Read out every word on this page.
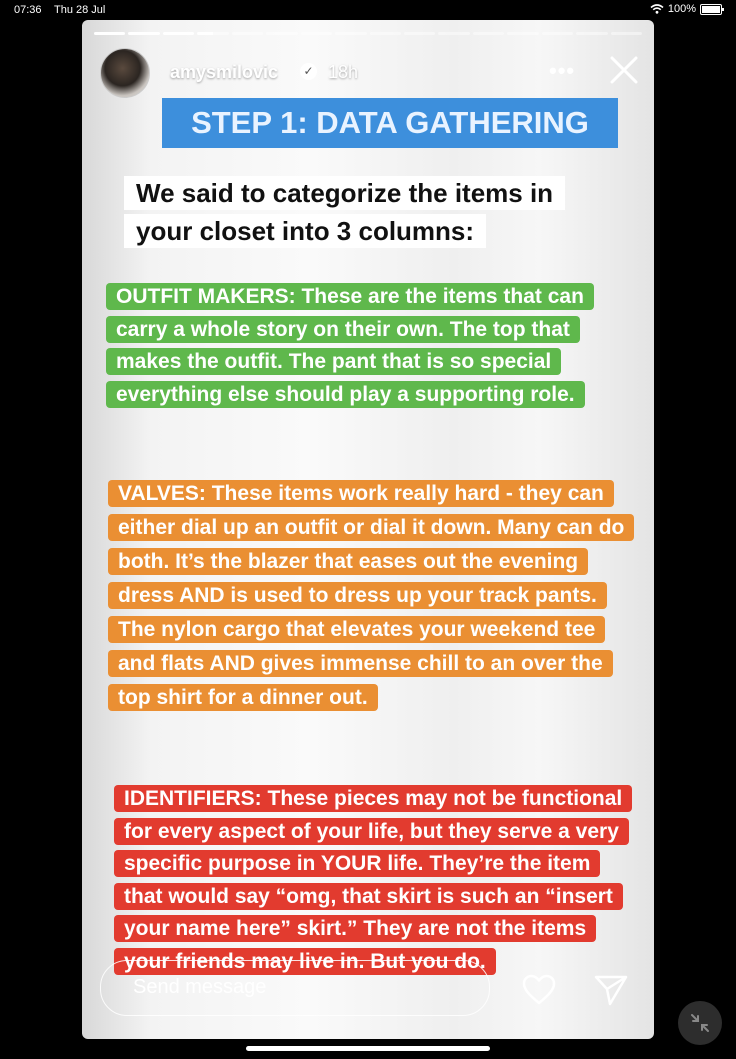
07:36 Thu 28 Jul	100%
amysmilovic ✓ 18h	•••
STEP 1: DATA GATHERING
We said to categorize the items in your closet into 3 columns:
OUTFIT MAKERS: These are the items that can carry a whole story on their own. The top that makes the outfit. The pant that is so special everything else should play a supporting role.
VALVES: These items work really hard - they can either dial up an outfit or dial it down. Many can do both. It’s the blazer that eases out the evening dress AND is used to dress up your track pants. The nylon cargo that elevates your weekend tee and flats AND gives immense chill to an over the top shirt for a dinner out.
IDENTIFIERS: These pieces may not be functional for every aspect of your life, but they serve a very specific purpose in YOUR life. They’re the item that would say “omg, that skirt is such an “insert your name here” skirt.” They are not the items your friends may live in. But you do.
Send message
